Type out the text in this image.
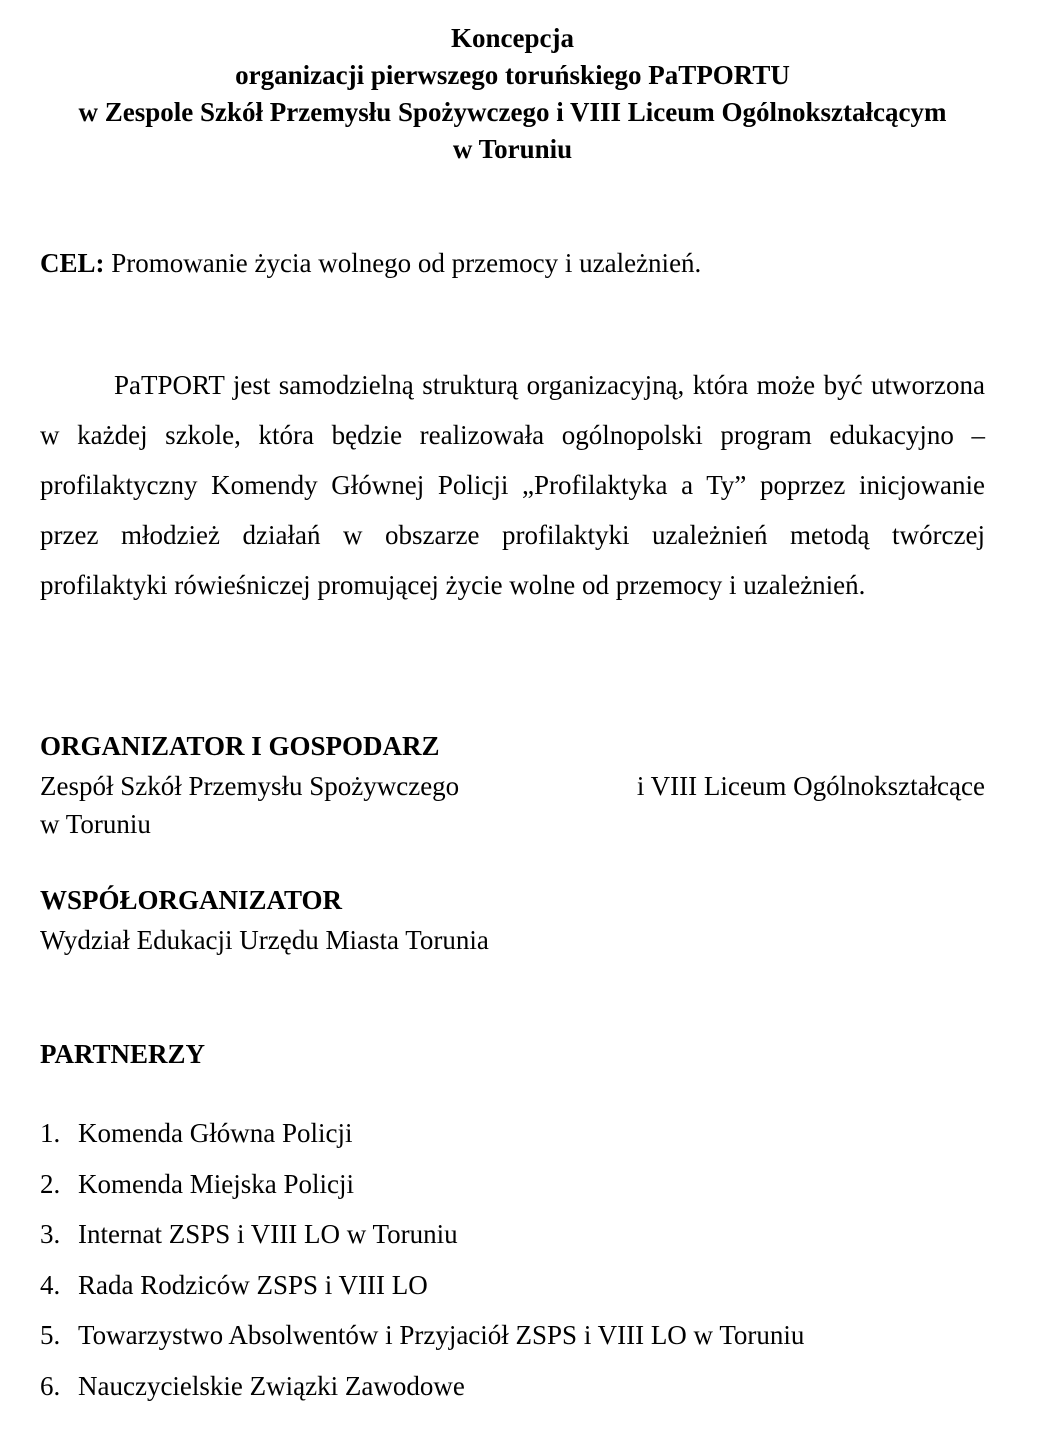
Koncepcja
organizacji pierwszego toruńskiego PaTPORTU
w Zespole Szkół Przemysłu Spożywczego i VIII Liceum Ogólnokształcącym
w Toruniu
CEL: Promowanie życia wolnego od przemocy i uzależnień.
PaTPORT jest samodzielną strukturą organizacyjną, która może być utworzona w każdej szkole, która będzie realizowała ogólnopolski program edukacyjno –profilaktyczny Komendy Głównej Policji „Profilaktyka a Ty” poprzez inicjowanie przez młodzież działań w obszarze profilaktyki uzależnień metodą twórczej profilaktyki rówieśniczej promującej życie wolne od przemocy i uzależnień.
ORGANIZATOR I GOSPODARZ
Zespół Szkół Przemysłu Spożywczego	i VIII Liceum Ogólnokształcące
w Toruniu
WSPÓŁORGANIZATOR
Wydział Edukacji Urzędu Miasta Torunia
PARTNERZY
1. Komenda Główna Policji
2. Komenda Miejska Policji
3. Internat ZSPS i VIII LO w Toruniu
4. Rada Rodziców ZSPS i VIII LO
5. Towarzystwo Absolwentów i Przyjaciół ZSPS i VIII LO w Toruniu
6. Nauczycielskie Związki Zawodowe
